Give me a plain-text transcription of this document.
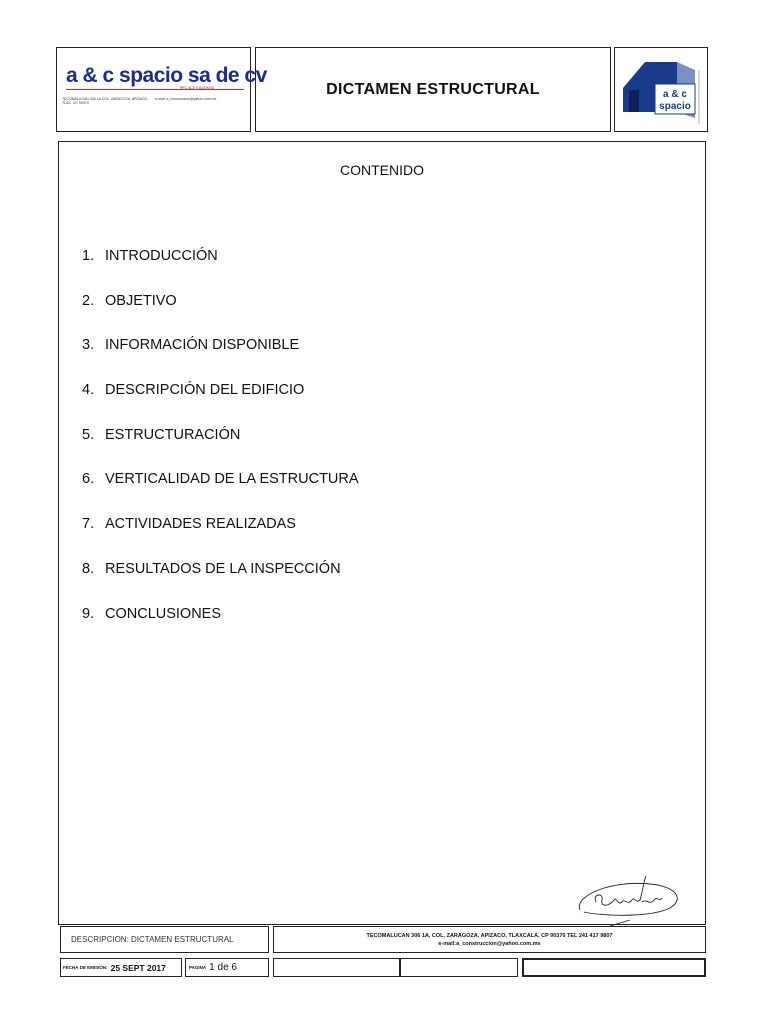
a & c spacio sa de cv
RFC ACE 011019V43
TECOMALUCAN 306 1A COL. ZARAGOZA, APIZACO, TLAX. CP. 90370
e-mail: a_construccion@yahoo.com.mx
DICTAMEN ESTRUCTURAL	a & c
spacio
CONTENIDO
1. INTRODUCCIÓN
2. OBJETIVO
3. INFORMACIÓN DISPONIBLE
4. DESCRIPCIÓN DEL EDIFICIO
5. ESTRUCTURACIÓN
6. VERTICALIDAD DE LA ESTRUCTURA
7. ACTIVIDADES REALIZADAS
8. RESULTADOS DE LA INSPECCIÓN
9. CONCLUSIONES
DESCRIPCION: DICTAMEN ESTRUCTURAL	TECOMALUCAN 306 1A, COL. ZARAGOZA, APIZACO, TLAXCALA, CP 90370 TEL 241 417 9807
e-mail:a_construccion@yahoo.com.mx
FECHA DE EMISIÓN: 25 SEPT 2017	PAGINA 1 de 6
